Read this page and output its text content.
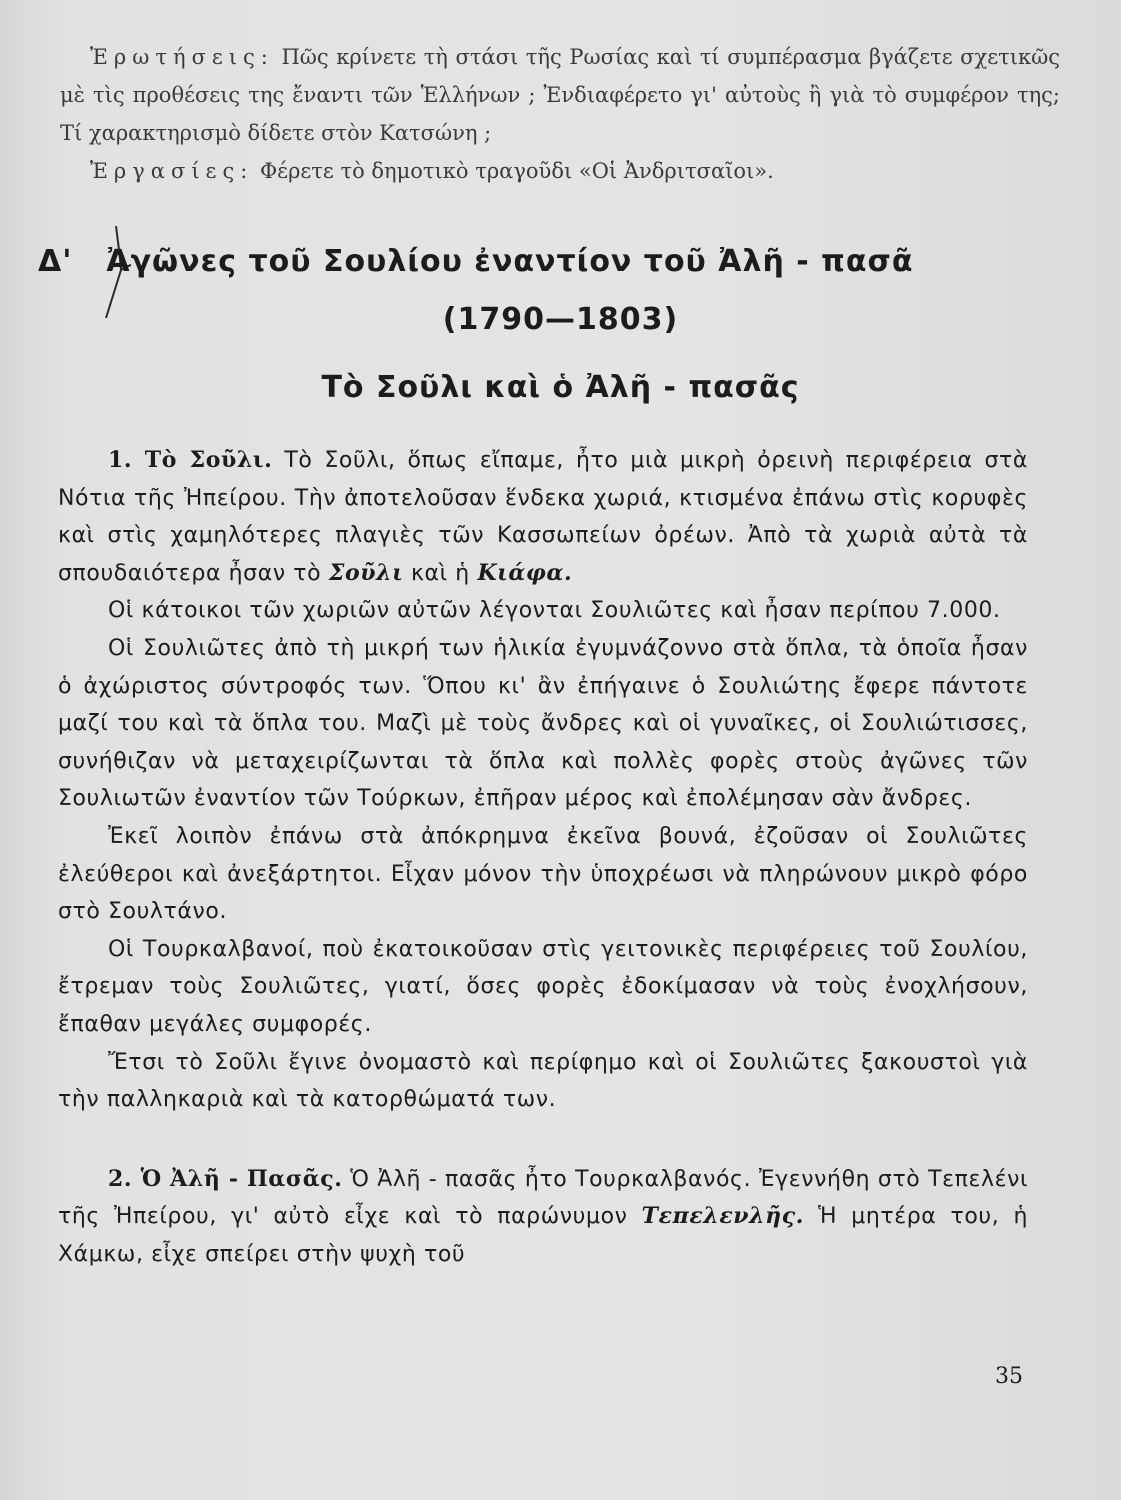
Ἐρωτήσεις: Πῶς κρίνετε τὴ στάσι τῆς Ρωσίας καὶ τί συμπέρασμα βγάζετε σχετικῶς μὲ τὶς προθέσεις της ἔναντι τῶν Ἑλλήνων ; Ἐνδιαφέρετο γι' αὐτοὺς ἢ γιὰ τὸ συμφέρον της; Τί χαρακτηρισμὸ δίδετε στὸν Κατσώνη ;

Ἐργασίες: Φέρετε τὸ δημοτικὸ τραγοῦδι «Οἱ Ἀνδριτσαῖοι».

Δ' Ἀγῶνες τοῦ Σουλίου ἐναντίον τοῦ Ἀλῆ - πασᾶ
(1790—1803)
Τὸ Σοῦλι καὶ ὁ Ἀλῆ - πασᾶς

1. Τὸ Σοῦλι. Τὸ Σοῦλι, ὅπως εἴπαμε, ἦτο μιὰ μικρὴ ὀρεινὴ περιφέρεια στὰ Νότια τῆς Ἠπείρου. Τὴν ἀποτελοῦσαν ἕνδεκα χωριά, κτισμένα ἐπάνω στὶς κορυφὲς καὶ στὶς χαμηλότερες πλαγιὲς τῶν Κασσωπείων ὀρέων. Ἀπὸ τὰ χωριὰ αὐτὰ τὰ σπουδαιότερα ἦσαν τὸ Σοῦλι καὶ ἡ Κιάφα.

Οἱ κάτοικοι τῶν χωριῶν αὐτῶν λέγονται Σουλιῶτες καὶ ἦσαν περίπου 7.000.

Οἱ Σουλιῶτες ἀπὸ τὴ μικρή των ἡλικία ἐγυμνάζοννο στὰ ὅπλα, τὰ ὁποῖα ἦσαν ὁ ἀχώριστος σύντροφός των. Ὅπου κι' ἂν ἐπήγαινε ὁ Σουλιώτης ἔφερε πάντοτε μαζί του καὶ τὰ ὅπλα του. Μαζὶ μὲ τοὺς ἄνδρες καὶ οἱ γυναῖκες, οἱ Σουλιώτισσες, συνήθιζαν νὰ μεταχειρίζωνται τὰ ὅπλα καὶ πολλὲς φορὲς στοὺς ἀγῶνες τῶν Σουλιωτῶν ἐναντίον τῶν Τούρκων, ἐπῆραν μέρος καὶ ἐπολέμησαν σὰν ἄνδρες.

Ἐκεῖ λοιπὸν ἐπάνω στὰ ἀπόκρημνα ἐκεῖνα βουνά, ἐζοῦσαν οἱ Σουλιῶτες ἐλεύθεροι καὶ ἀνεξάρτητοι. Εἶχαν μόνον τὴν ὑποχρέωσι νὰ πληρώνουν μικρὸ φόρο στὸ Σουλτάνο.

Οἱ Τουρκαλβανοί, ποὺ ἐκατοικοῦσαν στὶς γειτονικὲς περιφέρειες τοῦ Σουλίου, ἔτρεμαν τοὺς Σουλιῶτες, γιατί, ὅσες φορὲς ἐδοκίμασαν νὰ τοὺς ἐνοχλήσουν, ἔπαθαν μεγάλες συμφορές.

Ἔτσι τὸ Σοῦλι ἔγινε ὀνομαστὸ καὶ περίφημο καὶ οἱ Σουλιῶτες ξακουστοὶ γιὰ τὴν παλληκαριὰ καὶ τὰ κατορθώματά των.

2. Ὁ Ἀλῆ - Πασᾶς. Ὁ Ἀλῆ - πασᾶς ἦτο Τουρκαλβανός. Ἐγεννήθη στὸ Τεπελένι τῆς Ἠπείρου, γι' αὐτὸ εἶχε καὶ τὸ παρώνυμον Τεπελενλῆς. Ἡ μητέρα του, ἡ Χάμκω, εἶχε σπείρει στὴν ψυχὴ τοῦ

35
